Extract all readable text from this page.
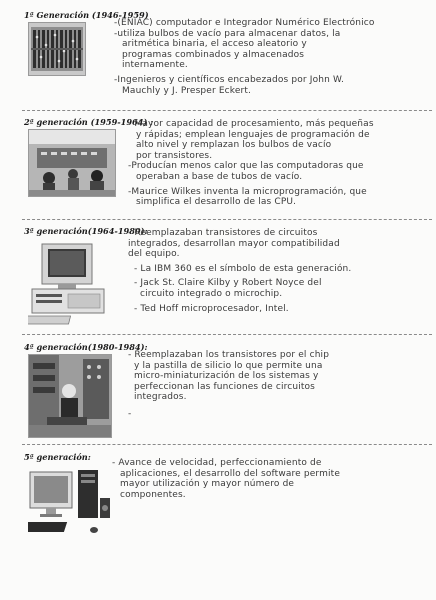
1ª Generación (1946-1959)
-(ENIAC) computador e Integrador Numérico Electrónico
-utiliza bulbos de vacío para almacenar datos, la
aritmética binaria, el acceso aleatorio y
programas combinados y almacenados
internamente.
-Ingenieros y científicos encabezados por John W.
Mauchly y J. Presper Eckert.
2ª generación (1959-1964) :
- Mayor capacidad de procesamiento, más pequeñas
y rápidas; emplean lenguajes de programación de
alto nivel y remplazan los bulbos de vacío
por transistores.
-Producían menos calor que las computadoras que
operaban a base de tubos de vacío.
-Maurice Wilkes inventa la microprogramación, que
simplifica el desarrollo de las CPU.
3ª generación(1964-1980):
- Reemplazaban transistores de circuitos
integrados, desarrollan mayor compatibilidad
del equipo.
- La IBM 360 es el símbolo de esta generación.
- Jack St. Claire Kilby y Robert Noyce del
circuito integrado o microchip.
- Ted Hoff microprocesador, Intel.
4ª generación(1980-1984):
- Reemplazaban los transistores por el chip
y la pastilla de silicio lo que permite una
micro-miniaturización de los sistemas y
perfeccionan las funciones de circuitos
integrados.
-
5ª generación:
- Avance de velocidad, perfeccionamiento de
aplicaciones, el desarrollo del software permite
mayor utilización y mayor número de
componentes.
